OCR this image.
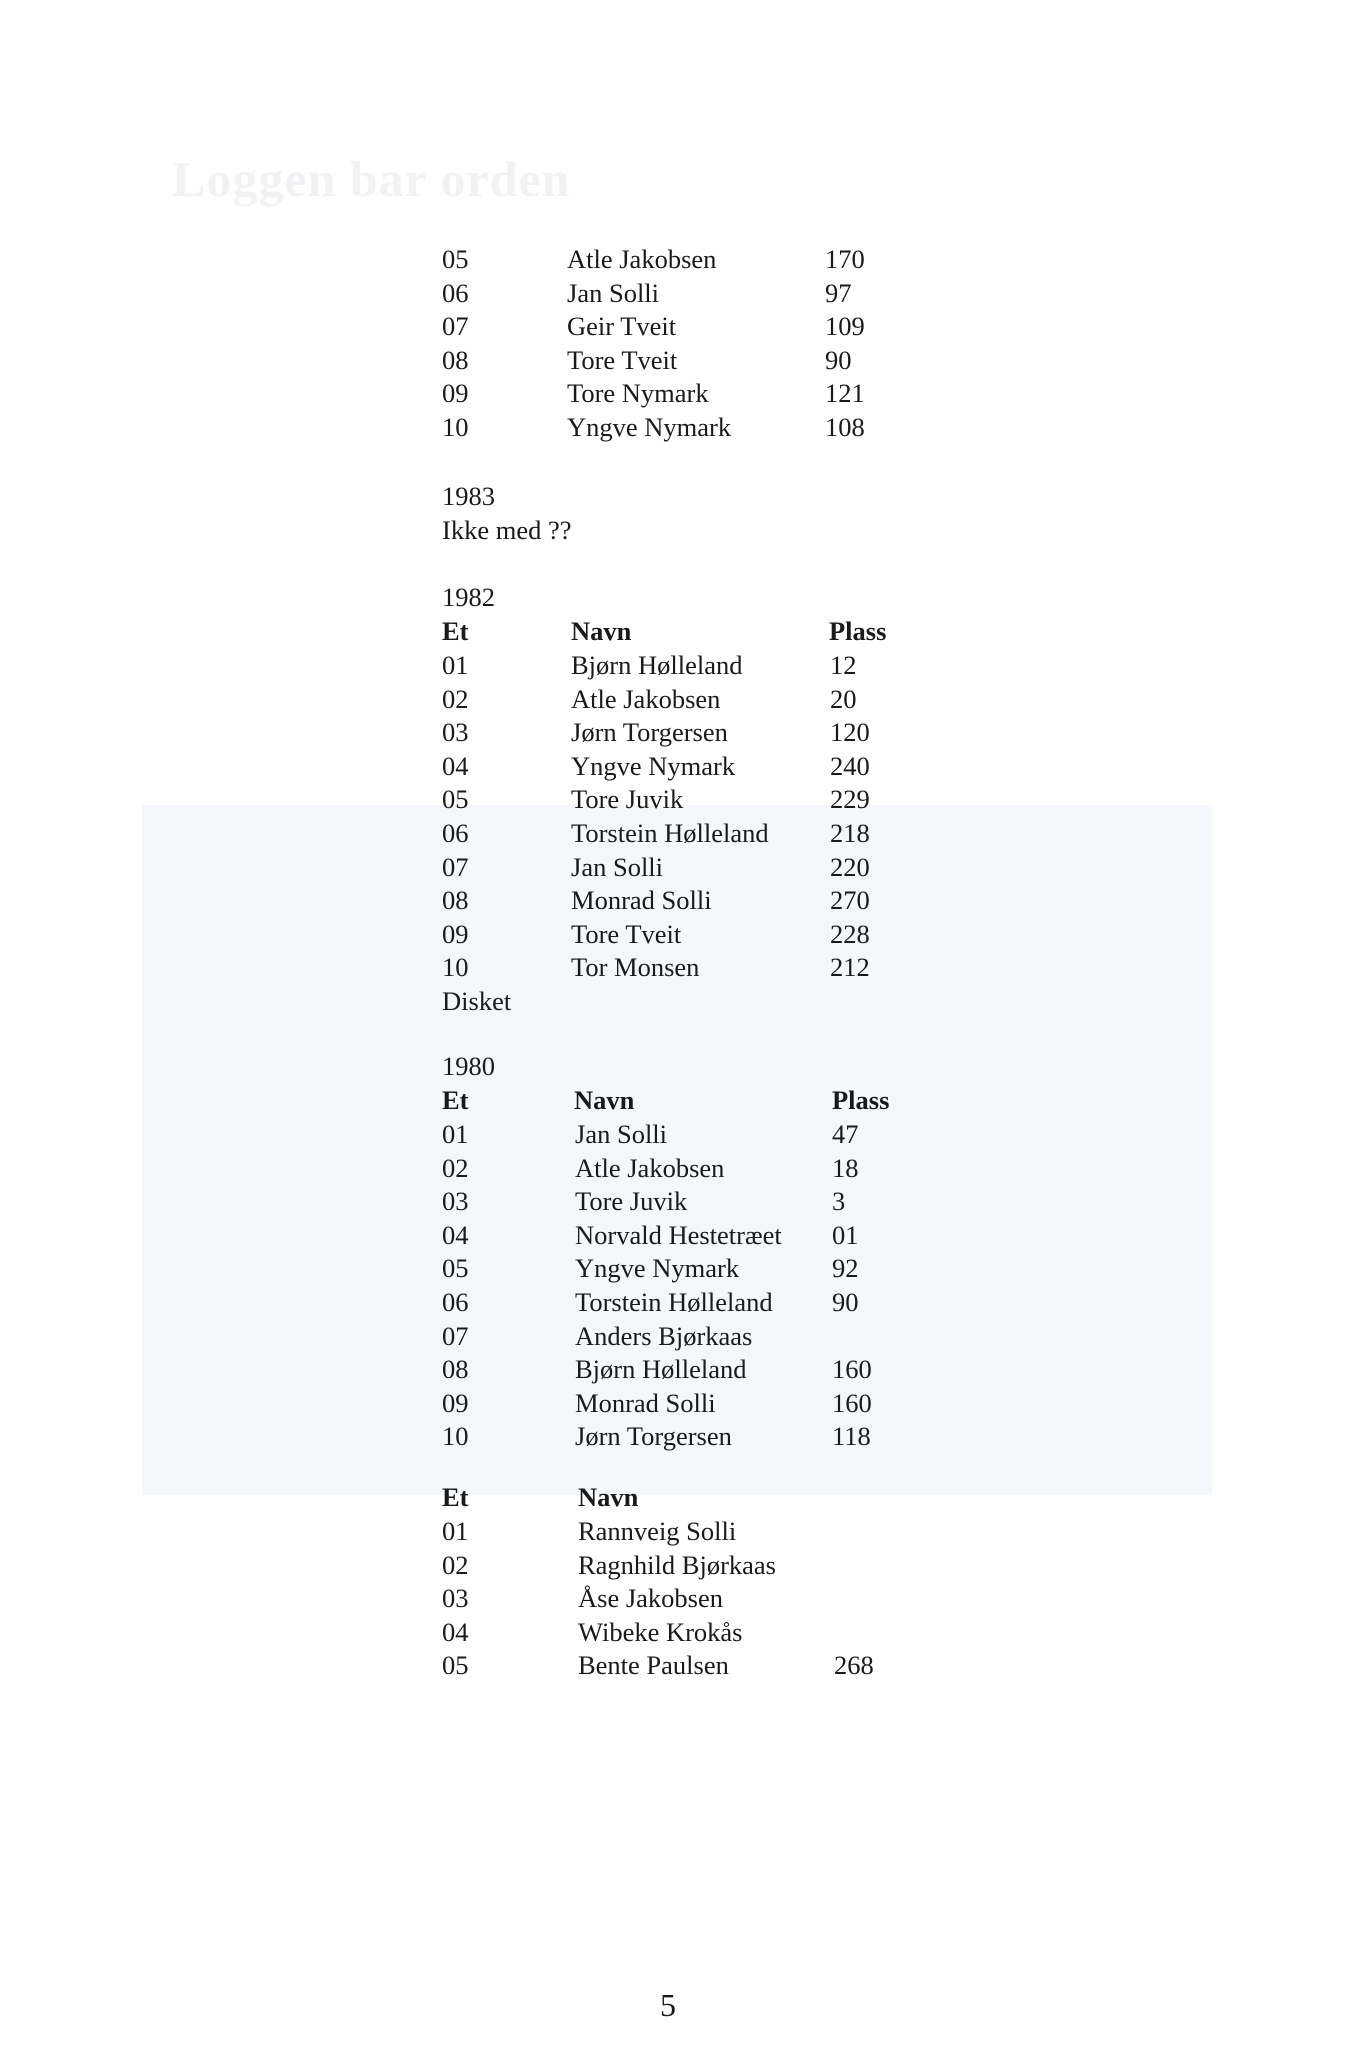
Loggen bar orden
05	Atle Jakobsen	170
06	Jan Solli	97
07	Geir Tveit	109
08	Tore Tveit	90
09	Tore Nymark	121
10	Yngve Nymark	108
1983
Ikke med ??
1982
Et	Navn	Plass
01	Bjørn Hølleland	12
02	Atle Jakobsen	20
03	Jørn Torgersen	120
04	Yngve Nymark	240
05	Tore Juvik	229
06	Torstein Hølleland 218
07	Jan Solli	220
08	Monrad Solli	270
09	Tore Tveit	228
10	Tor Monsen	212
Disket
1980
Et	Navn	Plass
01	Jan Solli	47
02	Atle Jakobsen	18
03	Tore Juvik	3
04	Norvald Hestetræet 01
05	Yngve Nymark	92
06	Torstein Hølleland 90
07	Anders Bjørkaas
08	Bjørn Hølleland	160
09	Monrad Solli	160
10	Jørn Torgersen	118
Et	Navn
01	Rannveig Solli
02	Ragnhild Bjørkaas
03	Åse Jakobsen
04	Wibeke Krokås
05	Bente Paulsen	268
5
